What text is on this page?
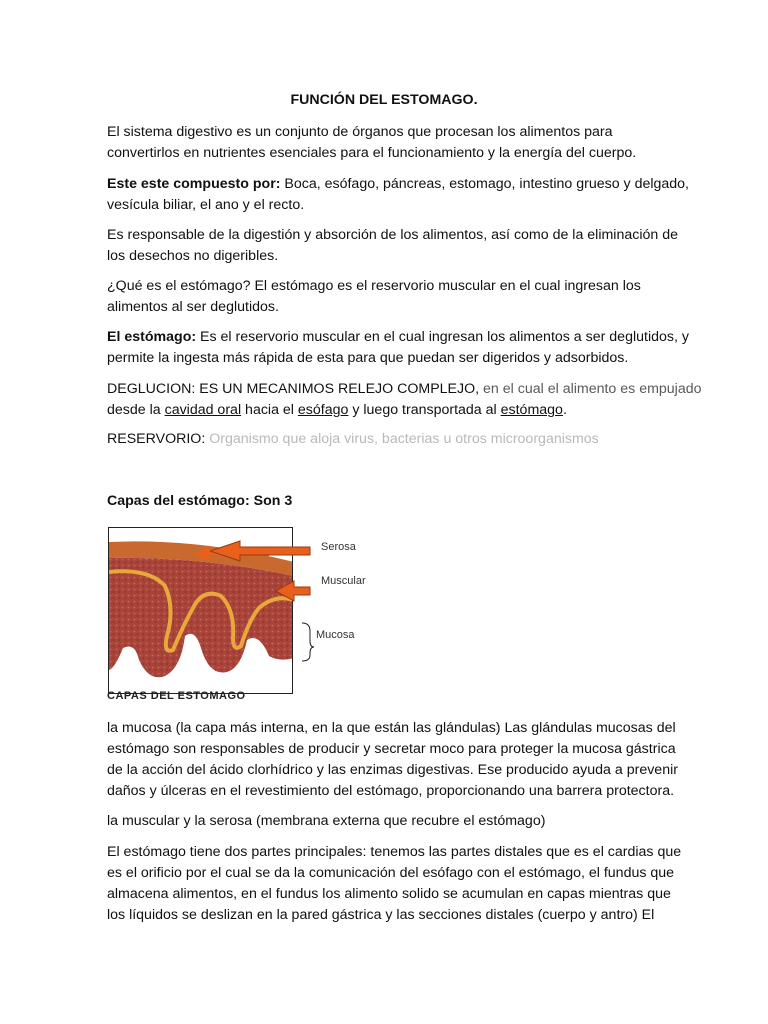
FUNCIÓN DEL ESTOMAGO.
El sistema digestivo es un conjunto de órganos que procesan los alimentos para
convertirlos en nutrientes esenciales para el funcionamiento y la energía del cuerpo.
Este este compuesto por: Boca, esófago, páncreas, estomago, intestino grueso y delgado,
vesícula biliar, el ano y el recto.
Es responsable de la digestión y absorción de los alimentos, así como de la eliminación de
los desechos no digeribles.
¿Qué es el estómago? El estómago es el reservorio muscular en el cual ingresan los
alimentos al ser deglutidos.
El estómago: Es el reservorio muscular en el cual ingresan los alimentos a ser deglutidos, y
permite la ingesta más rápida de esta para que puedan ser digeridos y adsorbidos.
DEGLUCION: ES UN MECANIMOS RELEJO COMPLEJO, en el cual el alimento es empujado
desde la cavidad oral hacia el esófago y luego transportada al estómago.
RESERVORIO: Organismo que aloja virus, bacterias u otros microorganismos
Capas del estómago: Son 3
Serosa
Muscular
Mucosa
CAPAS DEL ESTOMAGO
la mucosa (la capa más interna, en la que están las glándulas) Las glándulas mucosas del
estómago son responsables de producir y secretar moco para proteger la mucosa gástrica
de la acción del ácido clorhídrico y las enzimas digestivas. Ese producido ayuda a prevenir
daños y úlceras en el revestimiento del estómago, proporcionando una barrera protectora.
la muscular y la serosa (membrana externa que recubre el estómago)
El estómago tiene dos partes principales: tenemos las partes distales que es el cardias que
es el orificio por el cual se da la comunicación del esófago con el estómago, el fundus que
almacena alimentos, en el fundus los alimento solido se acumulan en capas mientras que
los líquidos se deslizan en la pared gástrica y las secciones distales (cuerpo y antro) El
